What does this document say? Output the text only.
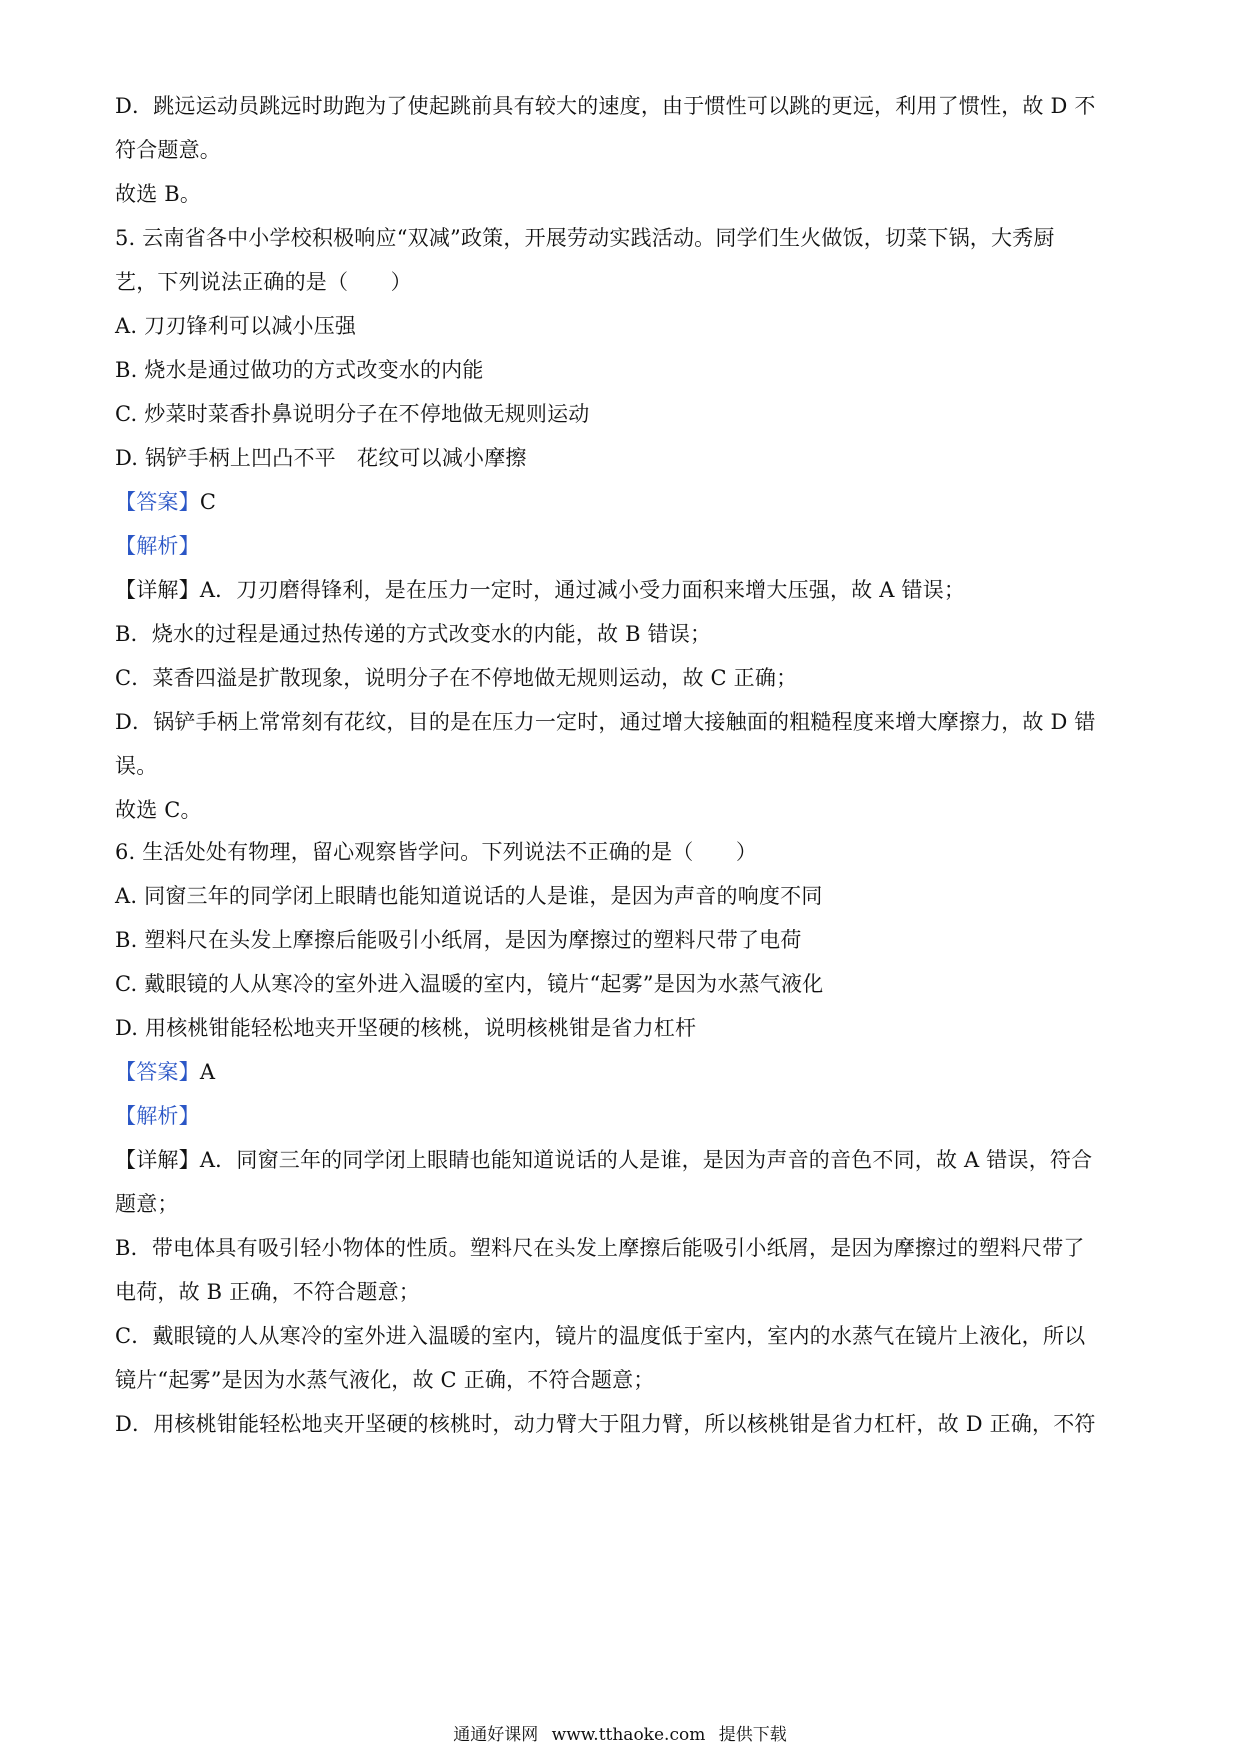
D．跳远运动员跳远时助跑为了使起跳前具有较大的速度，由于惯性可以跳的更远，利用了惯性，故 D 不
符合题意。
故选 B。
5. 云南省各中小学校积极响应“双减”政策，开展劳动实践活动。同学们生火做饭，切菜下锅，大秀厨
艺，下列说法正确的是（　　）
A. 刀刃锋利可以减小压强
B. 烧水是通过做功的方式改变水的内能
C. 炒菜时菜香扑鼻说明分子在不停地做无规则运动
D. 锅铲手柄上凹凸不平　花纹可以减小摩擦
【答案】C
【解析】
【详解】A．刀刃磨得锋利，是在压力一定时，通过减小受力面积来增大压强，故 A 错误；
B．烧水的过程是通过热传递的方式改变水的内能，故 B 错误；
C．菜香四溢是扩散现象，说明分子在不停地做无规则运动，故 C 正确；
D．锅铲手柄上常常刻有花纹，目的是在压力一定时，通过增大接触面的粗糙程度来增大摩擦力，故 D 错
误。
故选 C。
6. 生活处处有物理，留心观察皆学问。下列说法不正确的是（　　）
A. 同窗三年的同学闭上眼睛也能知道说话的人是谁，是因为声音的响度不同
B. 塑料尺在头发上摩擦后能吸引小纸屑，是因为摩擦过的塑料尺带了电荷
C. 戴眼镜的人从寒冷的室外进入温暖的室内，镜片“起雾”是因为水蒸气液化
D. 用核桃钳能轻松地夹开坚硬的核桃，说明核桃钳是省力杠杆
【答案】A
【解析】
【详解】A．同窗三年的同学闭上眼睛也能知道说话的人是谁，是因为声音的音色不同，故 A 错误，符合
题意；
B．带电体具有吸引轻小物体的性质。塑料尺在头发上摩擦后能吸引小纸屑，是因为摩擦过的塑料尺带了
电荷，故 B 正确，不符合题意；
C．戴眼镜的人从寒冷的室外进入温暖的室内，镜片的温度低于室内，室内的水蒸气在镜片上液化，所以
镜片“起雾”是因为水蒸气液化，故 C 正确，不符合题意；
D．用核桃钳能轻松地夹开坚硬的核桃时，动力臂大于阻力臂，所以核桃钳是省力杠杆，故 D 正确，不符
通通好课网 www.tthaoke.com 提供下载
